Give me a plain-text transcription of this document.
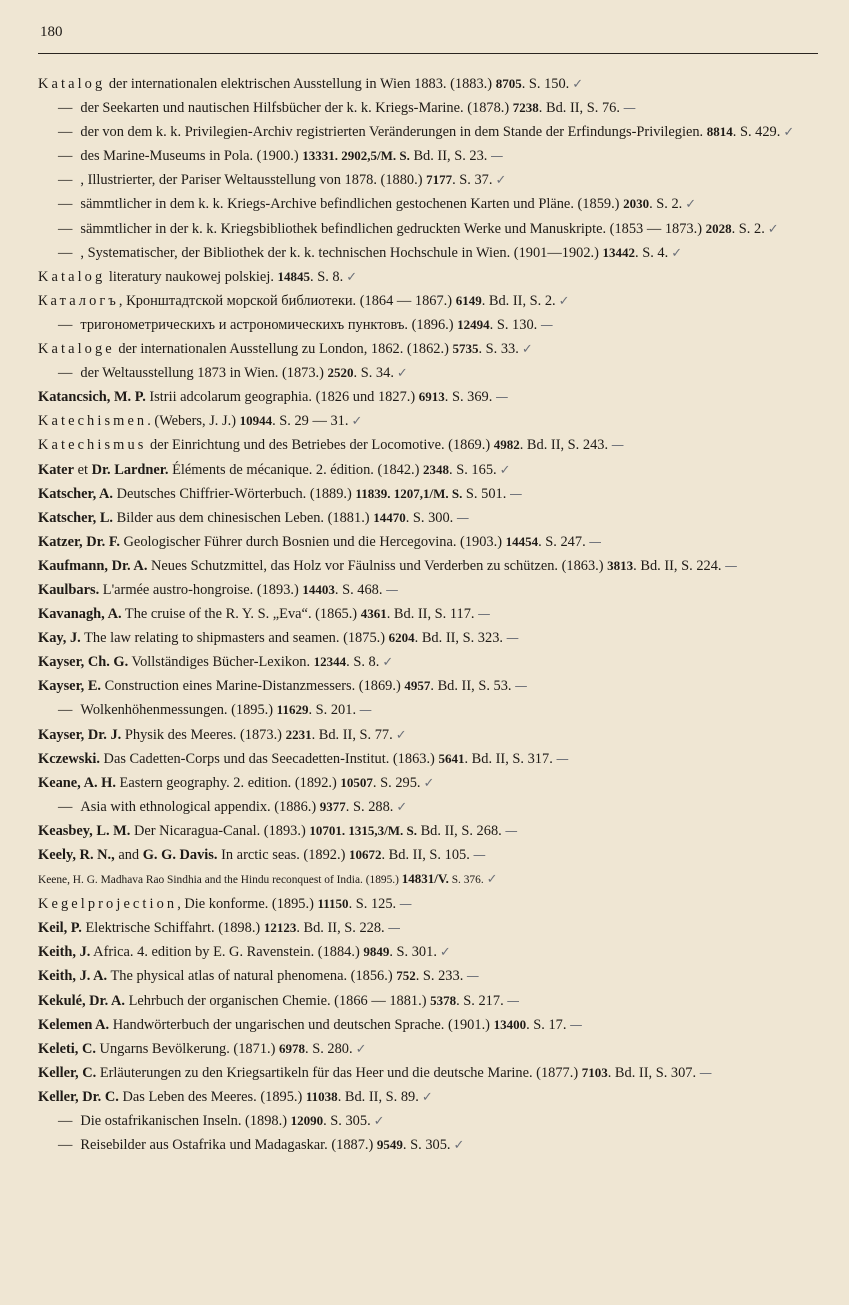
180
Katalog der internationalen elektrischen Ausstellung in Wien 1883. (1883.) 8705. S. 150. ✓
— der Seekarten und nautischen Hilfsbücher der k. k. Kriegs-Marine. (1878.) 7238. Bd. II, S. 76. —
— der von dem k. k. Privilegien-Archiv registrierten Veränderungen in dem Stande der Erfindungs-Privilegien. 8814. S. 429. ✓
— des Marine-Museums in Pola. (1900.) 13331. 2902,5/M. S. Bd. II, S. 23. —
— , Illustrierter, der Pariser Weltausstellung von 1878. (1880.) 7177. S. 37. ✓
— sämmtlicher in dem k. k. Kriegs-Archive befindlichen gestochenen Karten und Pläne. (1859.) 2030. S. 2. ✓
— sämmtlicher in der k. k. Kriegsbibliothek befindlichen gedruckten Werke und Manuskripte. (1853 — 1873.) 2028. S. 2. ✓
— , Systematischer, der Bibliothek der k. k. technischen Hochschule in Wien. (1901—1902.) 13442. S. 4. ✓
Katalog literatury naukowej polskiej. 14845. S. 8. ✓
Каталогъ, Кронштадтской морской библиотеки. (1864 — 1867.) 6149. Bd. II, S. 2. ✓
— тригонометрическихъ и астрономическихъ пунктовъ. (1896.) 12494. S. 130. —
Kataloge der internationalen Ausstellung zu London, 1862. (1862.) 5735. S. 33. ✓
— der Weltausstellung 1873 in Wien. (1873.) 2520. S. 34. ✓
Katancsich, M. P. Istrii adcolarum geographia. (1826 und 1827.) 6913. S. 369. —
Katechismen. (Webers, J. J.) 10944. S. 29 — 31. ✓
Katechismus der Einrichtung und des Betriebes der Locomotive. (1869.) 4982. Bd. II, S. 243. —
Kater et Dr. Lardner. Éléments de mécanique. 2. édition. (1842.) 2348. S. 165. ✓
Katscher, A. Deutsches Chiffrier-Wörterbuch. (1889.) 11839. 1207,1/M. S. S. 501. —
Katscher, L. Bilder aus dem chinesischen Leben. (1881.) 14470. S. 300. —
Katzer, Dr. F. Geologischer Führer durch Bosnien und die Hercegovina. (1903.) 14454. S. 247. —
Kaufmann, Dr. A. Neues Schutzmittel, das Holz vor Fäulniss und Verderben zu schützen. (1863.) 3813. Bd. II, S. 224. —
Kaulbars. L'armée austro-hongroise. (1893.) 14403. S. 468. —
Kavanagh, A. The cruise of the R. Y. S. „Eva“. (1865.) 4361. Bd. II, S. 117. —
Kay, J. The law relating to shipmasters and seamen. (1875.) 6204. Bd. II, S. 323. —
Kayser, Ch. G. Vollständiges Bücher-Lexikon. 12344. S. 8. ✓
Kayser, E. Construction eines Marine-Distanzmessers. (1869.) 4957. Bd. II, S. 53. —
— Wolkenhöhenmessungen. (1895.) 11629. S. 201. —
Kayser, Dr. J. Physik des Meeres. (1873.) 2231. Bd. II, S. 77. ✓
Kczewski. Das Cadetten-Corps und das Seecadetten-Institut. (1863.) 5641. Bd. II, S. 317. —
Keane, A. H. Eastern geography. 2. edition. (1892.) 10507. S. 295. ✓
— Asia with ethnological appendix. (1886.) 9377. S. 288. ✓
Keasbey, L. M. Der Nicaragua-Canal. (1893.) 10701. 1315,3/M. S. Bd. II, S. 268. —
Keely, R. N., and G. G. Davis. In arctic seas. (1892.) 10672. Bd. II, S. 105. —
Keene, H. G. Madhava Rao Sindhia and the Hindu reconquest of India. (1895.) 14831/V. S. 376. ✓
Kegelprojection, Die konforme. (1895.) 11150. S. 125. —
Keil, P. Elektrische Schiffahrt. (1898.) 12123. Bd. II, S. 228. —
Keith, J. Africa. 4. edition by E. G. Ravenstein. (1884.) 9849. S. 301. ✓
Keith, J. A. The physical atlas of natural phenomena. (1856.) 752. S. 233. —
Kekulé, Dr. A. Lehrbuch der organischen Chemie. (1866 — 1881.) 5378. S. 217. —
Kelemen A. Handwörterbuch der ungarischen und deutschen Sprache. (1901.) 13400. S. 17. —
Keleti, C. Ungarns Bevölkerung. (1871.) 6978. S. 280. ✓
Keller, C. Erläuterungen zu den Kriegsartikeln für das Heer und die deutsche Marine. (1877.) 7103. Bd. II, S. 307. —
Keller, Dr. C. Das Leben des Meeres. (1895.) 11038. Bd. II, S. 89. ✓
— Die ostafrikanischen Inseln. (1898.) 12090. S. 305. ✓
— Reisebilder aus Ostafrika und Madagaskar. (1887.) 9549. S. 305. ✓
